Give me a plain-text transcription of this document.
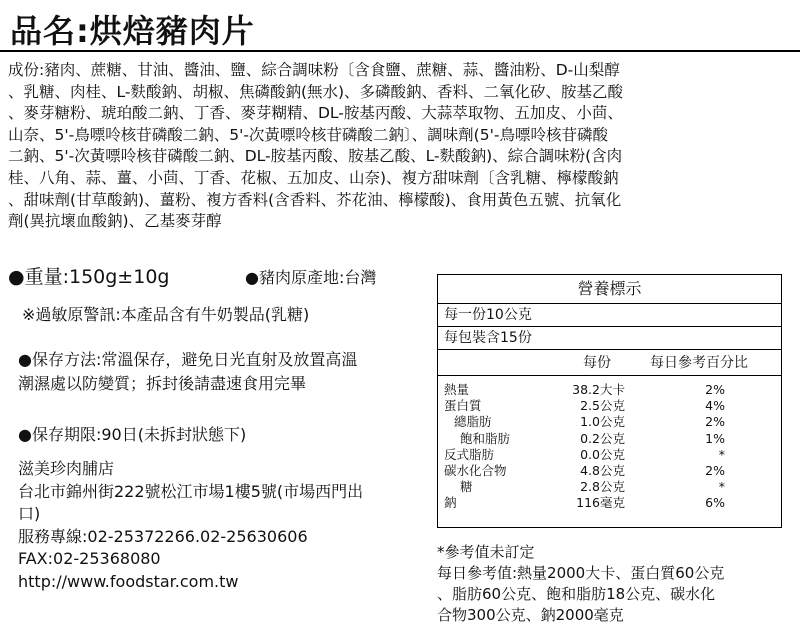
品名:烘焙豬肉片
成份:豬肉、蔗糖、甘油、醬油、鹽、綜合調味粉〔含食鹽、蔗糖、蒜、醬油粉、D-山梨醇
、乳糖、肉桂、L-麩酸鈉、胡椒、焦磷酸鈉(無水)、多磷酸鈉、香料、二氧化矽、胺基乙酸
、麥芽糖粉、琥珀酸二鈉、丁香、麥芽糊精、DL-胺基丙酸、大蒜萃取物、五加皮、小茴、
山奈、5'-鳥嘌呤核苷磷酸二鈉、5'-次黃嘌呤核苷磷酸二鈉〕、調味劑(5'-鳥嘌呤核苷磷酸
二鈉、5'-次黃嘌呤核苷磷酸二鈉、DL-胺基丙酸、胺基乙酸、L-麩酸鈉)、綜合調味粉(含肉
桂、八角、蒜、薑、小茴、丁香、花椒、五加皮、山奈)、複方甜味劑〔含乳糖、檸檬酸鈉
、甜味劑(甘草酸鈉)、薑粉、複方香料(含香料、芥花油、檸檬酸)、食用黃色五號、抗氧化
劑(異抗壞血酸鈉)、乙基麥芽醇
●重量:150g±10g	●豬肉原產地:台灣
※過敏原警訊:本產品含有牛奶製品(乳糖)
●保存方法:常溫保存，避免日光直射及放置高溫
潮濕處以防變質；拆封後請盡速食用完畢
●保存期限:90日(未拆封狀態下)
滋美珍肉脯店
台北市錦州街222號松江市場1樓5號(市場西門出
口)
服務專線:02-25372266.02-25630606
FAX:02-25368080
http://www.foodstar.com.tw
營養標示
每一份10公克
每包裝含15份
每份	每日參考百分比
熱量	38.2大卡	2%
蛋白質	2.5公克	4%
總脂肪	1.0公克	2%
飽和脂肪	0.2公克	1%
反式脂肪	0.0公克	*
碳水化合物	4.8公克	2%
糖	2.8公克	*
鈉	116毫克	6%
*參考值未訂定
每日參考值:熱量2000大卡、蛋白質60公克
、脂肪60公克、飽和脂肪18公克、碳水化
合物300公克、鈉2000毫克
